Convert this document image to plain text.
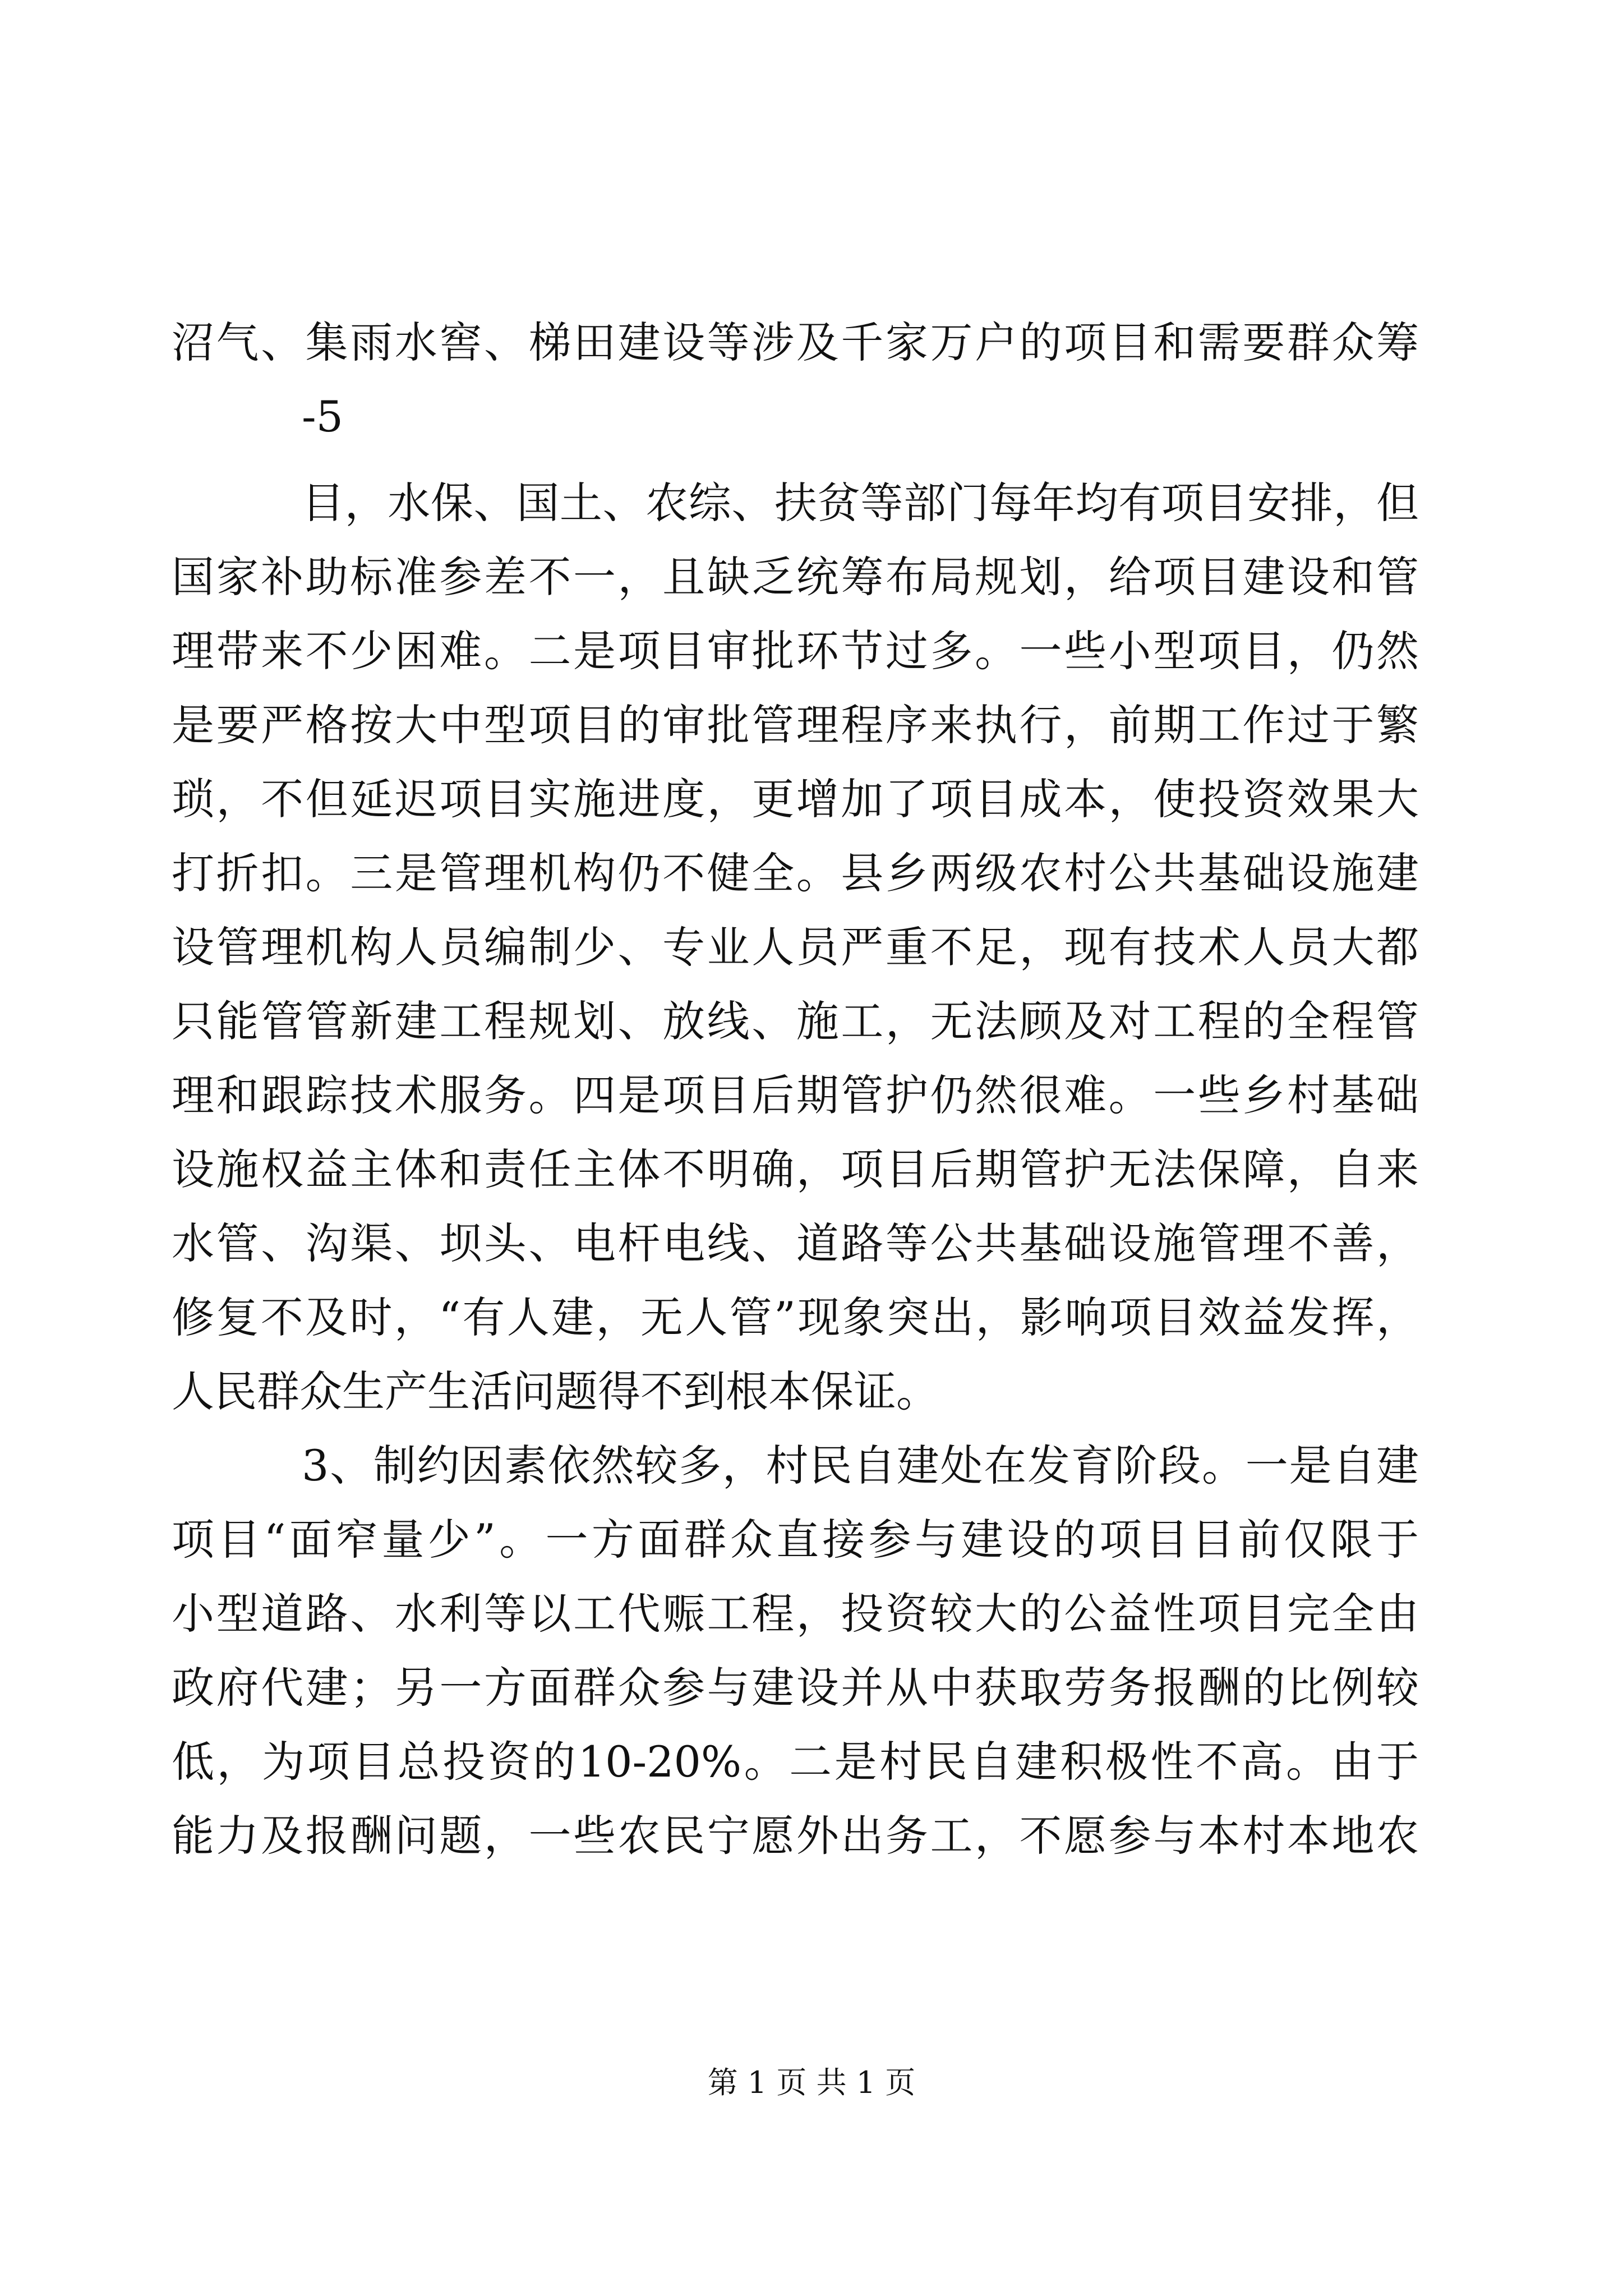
沼气、集雨水窖、梯田建设等涉及千家万户的项目和需要群众筹
-5
目，水保、国土、农综、扶贫等部门每年均有项目安排，但
国家补助标准参差不一，且缺乏统筹布局规划，给项目建设和管
理带来不少困难。二是项目审批环节过多。一些小型项目，仍然
是要严格按大中型项目的审批管理程序来执行，前期工作过于繁
琐，不但延迟项目实施进度，更增加了项目成本，使投资效果大
打折扣。三是管理机构仍不健全。县乡两级农村公共基础设施建
设管理机构人员编制少、专业人员严重不足，现有技术人员大都
只能管管新建工程规划、放线、施工，无法顾及对工程的全程管
理和跟踪技术服务。四是项目后期管护仍然很难。一些乡村基础
设施权益主体和责任主体不明确，项目后期管护无法保障，自来
水管、沟渠、坝头、电杆电线、道路等公共基础设施管理不善，
修复不及时，“有人建，无人管”现象突出，影响项目效益发挥，
人民群众生产生活问题得不到根本保证。
3、制约因素依然较多，村民自建处在发育阶段。一是自建
项目“面窄量少”。一方面群众直接参与建设的项目目前仅限于
小型道路、水利等以工代赈工程，投资较大的公益性项目完全由
政府代建；另一方面群众参与建设并从中获取劳务报酬的比例较
低，为项目总投资的10-20%。二是村民自建积极性不高。由于
能力及报酬问题，一些农民宁愿外出务工，不愿参与本村本地农
第 1 页 共 1 页
